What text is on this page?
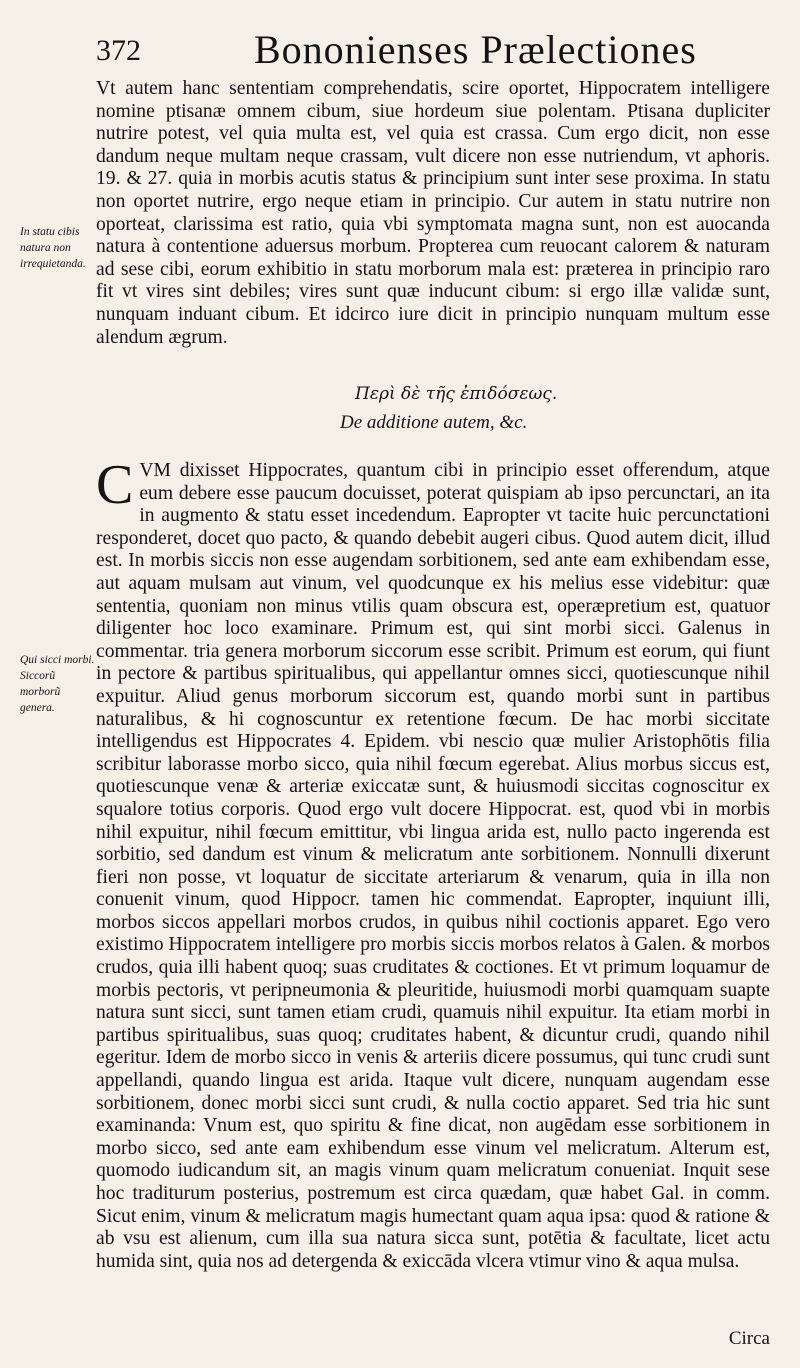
372	Bononienses Prælectiones
In statu cibis natura non irrequietanda.

Vt autem hanc sententiam comprehendatis, scire oportet, Hippocratem intelligere nomine ptisanæ omnem cibum, siue hordeum siue polentam. Ptisana dupliciter nutrire potest, vel quia multa est, vel quia est crassa. Cum ergo dicit, non esse dandum neque multam neque crassam, vult dicere non esse nutriendum, vt aphoris. 19. & 27. quia in morbis acutis status & principium sunt inter sese proxima. In statu non oportet nutrire, ergo neque etiam in principio. Cur autem in statu nutrire non oporteat, clarissima est ratio, quia vbi symptomata magna sunt, non est auocanda natura à contentione aduersus morbum. Propterea cum reuocant calorem & naturam ad sese cibi, eorum exhibitio in statu morborum mala est: præterea in principio raro fit vt vires sint debiles; vires sunt quæ inducunt cibum: si ergo illæ validæ sunt, nunquam induant cibum. Et idcirco iure dicit in principio nunquam multum esse alendum ægrum.

Περὶ δὲ τῆς ἐπιδόσεως.
De additione autem, &c.
Qui sicci morbi. Siccorũ morborũ genera.

CVM dixisset Hippocrates, quantum cibi in principio esset offerendum, atque eum debere esse paucum docuisset, poterat quispiam ab ipso percunctari, an ita in augmento & statu esset incedendum. Eapropter vt tacite huic percunctationi responderet, docet quo pacto, & quando debebit augeri cibus. Quod autem dicit, illud est. In morbis siccis non esse augendam sorbitionem, sed ante eam exhibendam esse, aut aquam mulsam aut vinum, vel quodcunque ex his melius esse videbitur: quæ sententia, quoniam non minus vtilis quam obscura est, operæpretium est, quatuor diligenter hoc loco examinare. Primum est, qui sint morbi sicci. Galenus in commentar. tria genera morborum siccorum esse scribit. Primum est eorum, qui fiunt in pectore & partibus spiritualibus, qui appellantur omnes sicci, quotiescunque nihil expuitur. Aliud genus morborum siccorum est, quando morbi sunt in partibus naturalibus, & hi cognoscuntur ex retentione fœcum. De hac morbi siccitate intelligendus est Hippocrates 4. Epidem. vbi nescio quæ mulier Aristophōtis filia scribitur laborasse morbo sicco, quia nihil fœcum egerebat. Alius morbus siccus est, quotiescunque venæ & arteriæ exiccatæ sunt, & huiusmodi siccitas cognoscitur ex squalore totius corporis. Quod ergo vult docere Hippocrat. est, quod vbi in morbis nihil expuitur, nihil fœcum emittitur, vbi lingua arida est, nullo pacto ingerenda est sorbitio, sed dandum est vinum & melicratum ante sorbitionem. Nonnulli dixerunt fieri non posse, vt loquatur de siccitate arteriarum & venarum, quia in illa non conuenit vinum, quod Hippocr. tamen hic commendat. Eapropter, inquiunt illi, morbos siccos appellari morbos crudos, in quibus nihil coctionis apparet. Ego vero existimo Hippocratem intelligere pro morbis siccis morbos relatos à Galen. & morbos crudos, quia illi habent quoq; suas cruditates & coctiones. Et vt primum loquamur de morbis pectoris, vt peripneumonia & pleuritide, huiusmodi morbi quamquam suapte natura sunt sicci, sunt tamen etiam crudi, quamuis nihil expuitur. Ita etiam morbi in partibus spiritualibus, suas quoq; cruditates habent, & dicuntur crudi, quando nihil egeritur. Idem de morbo sicco in venis & arteriis dicere possumus, qui tunc crudi sunt appellandi, quando lingua est arida. Itaque vult dicere, nunquam augendam esse sorbitionem, donec morbi sicci sunt crudi, & nulla coctio apparet. Sed tria hic sunt examinanda: Vnum est, quo spiritu & fine dicat, non augēdam esse sorbitionem in morbo sicco, sed ante eam exhibendum esse vinum vel melicratum. Alterum est, quomodo iudicandum sit, an magis vinum quam melicratum conueniat. Inquit sese hoc traditurum posterius, postremum est circa quædam, quæ habet Gal. in comm. Sicut enim, vinum & melicratum magis humectant quam aqua ipsa: quod & ratione & ab vsu est alienum, cum illa sua natura sicca sunt, potētia & facultate, licet actu humida sint, quia nos ad detergenda & exiccāda vlcera vtimur vino & aqua mulsa.

Circa
